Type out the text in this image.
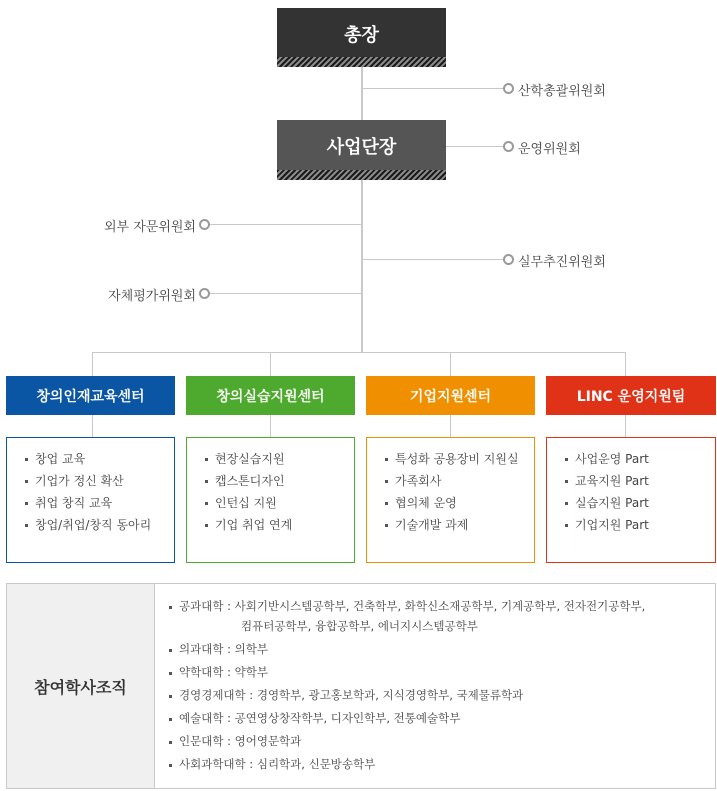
총장
사업단장
산학총괄위원회
운영위원회
외부 자문위원회
실무추진위원회
자체평가위원회
창의인재교육센터	창의실습지원센터	기업지원센터	LINC 운영지원팀
창업 교육
기업가 정신 확산
취업 창직 교육
창업/취업/창직 동아리
현장실습지원
캡스톤디자인
인턴십 지원
기업 취업 연계
특성화 공용장비 지원실
가족회사
협의체 운영
기술개발 과제
사업운영 Part
교육지원 Part
실습지원 Part
기업지원 Part
참여학사조직
공과대학 : 사회기반시스템공학부, 건축학부, 화학신소재공학부, 기계공학부, 전자전기공학부,
컴퓨터공학부, 융합공학부, 에너지시스템공학부
의과대학 : 의학부
약학대학 : 약학부
경영경제대학 : 경영학부, 광고홍보학과, 지식경영학부, 국제물류학과
예술대학 : 공연영상창작학부, 디자인학부, 전통예술학부
인문대학 : 영어영문학과
사회과학대학 : 심리학과, 신문방송학부
